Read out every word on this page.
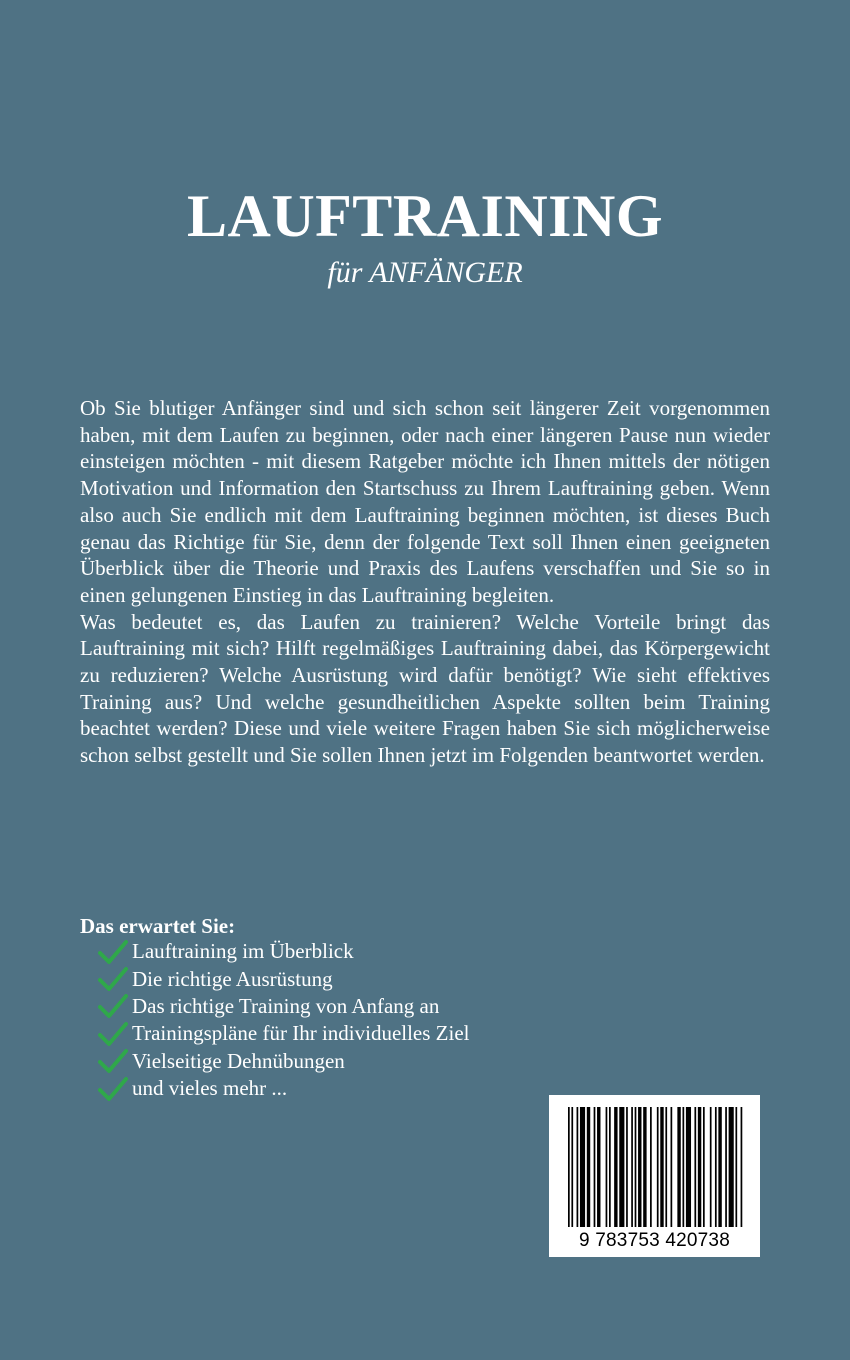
LAUFTRAINING
für ANFÄNGER

Ob Sie blutiger Anfänger sind und sich schon seit längerer Zeit vorgenommen haben, mit dem Laufen zu beginnen, oder nach einer längeren Pause nun wieder einsteigen möchten - mit diesem Ratgeber möchte ich Ihnen mittels der nötigen Motivation und Information den Startschuss zu Ihrem Lauftraining geben. Wenn also auch Sie endlich mit dem Lauftraining beginnen möchten, ist dieses Buch genau das Richtige für Sie, denn der folgende Text soll Ihnen einen geeigneten Überblick über die Theorie und Praxis des Laufens verschaffen und Sie so in einen gelungenen Einstieg in das Lauftraining begleiten.

Was bedeutet es, das Laufen zu trainieren? Welche Vorteile bringt das Lauftraining mit sich? Hilft regelmäßiges Lauftraining dabei, das Körpergewicht zu reduzieren? Welche Ausrüstung wird dafür benötigt? Wie sieht effektives Training aus? Und welche gesundheitlichen Aspekte sollten beim Training beachtet werden? Diese und viele weitere Fragen haben Sie sich möglicherweise schon selbst gestellt und Sie sollen Ihnen jetzt im Folgenden beantwortet werden.

Das erwartet Sie:
Lauftraining im Überblick
Die richtige Ausrüstung
Das richtige Training von Anfang an
Trainingspläne für Ihr individuelles Ziel
Vielseitige Dehnübungen
und vieles mehr ...
9 783753 420738
